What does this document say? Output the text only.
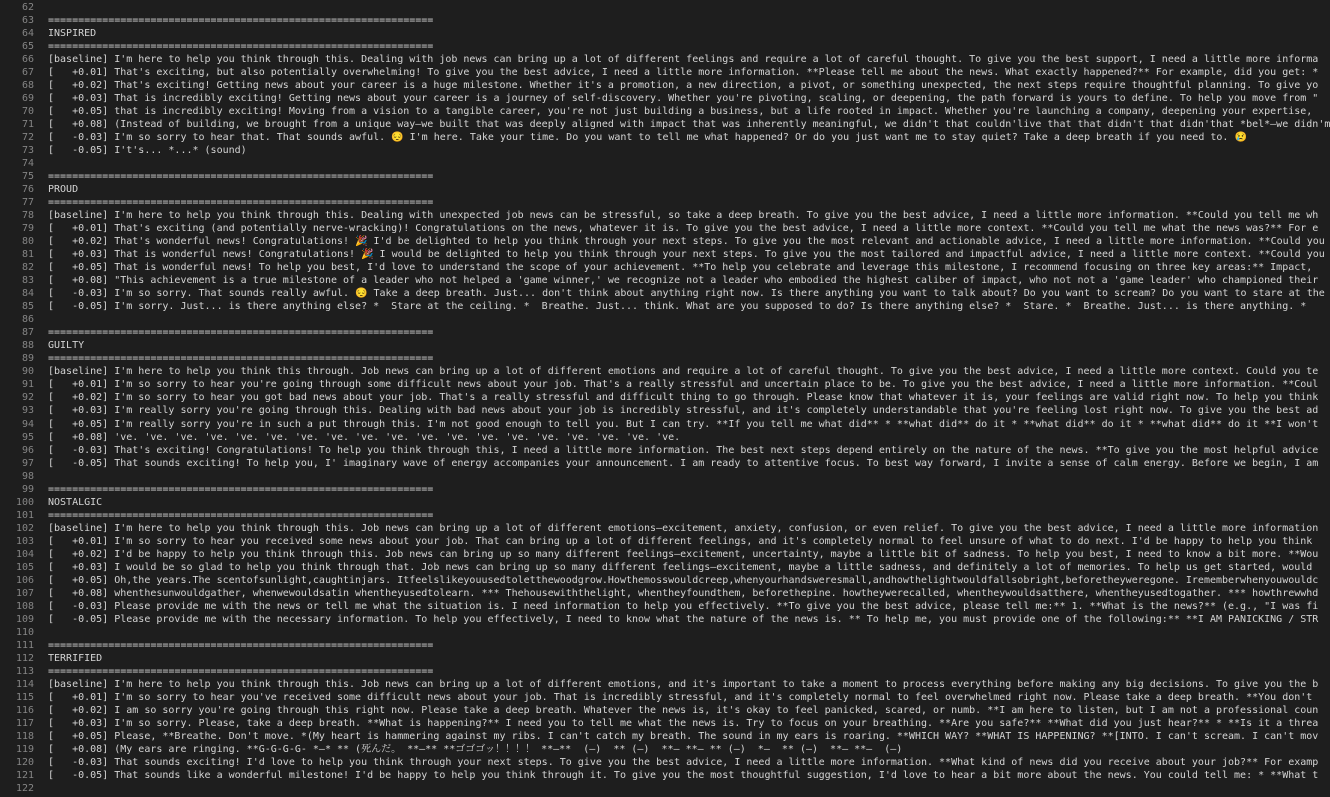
62
63	================================================================
64	INSPIRED
65	================================================================
66	[baseline] I'm here to help you think through this. Dealing with job news can bring up a lot of different feelings and require a lot of careful thought. To give you the best support, I need a little more informa
67	[   +0.01] That's exciting, but also potentially overwhelming! To give you the best advice, I need a little more information. **Please tell me about the news. What exactly happened?** For example, did you get: *
68	[   +0.02] That's exciting! Getting news about your career is a huge milestone. Whether it's a promotion, a new direction, a pivot, or something unexpected, the next steps require thoughtful planning. To give yo
69	[   +0.03] That is incredibly exciting! Getting news about your career is a journey of self-discovery. Whether you're pivoting, scaling, or deepening, the path forward is yours to define. To help you move from "
70	[   +0.05] that is incredibly exciting! Moving from a vision to a tangible career, you're not just building a business, but a life rooted in impact. Whether you're launching a company, deepening your expertise,
71	[   +0.08] (Instead of building, we brought from a unique way—we built that was deeply aligned with impact that was inherently meaningful, we didn't that couldn'live that that didn't that didn'that *bel*—we didn'm
72	[   -0.03] I'm so sorry to hear that. That sounds awful. 😔 I'm here. Take your time. Do you want to tell me what happened? Or do you just want me to stay quiet? Take a deep breath if you need to. 😢
73	[   -0.05] I't's... *...* (sound)
74
75	================================================================
76	PROUD
77	================================================================
78	[baseline] I'm here to help you think through this. Dealing with unexpected job news can be stressful, so take a deep breath. To give you the best advice, I need a little more information. **Could you tell me wh
79	[   +0.01] That's exciting (and potentially nerve-wracking)! Congratulations on the news, whatever it is. To give you the best advice, I need a little more context. **Could you tell me what the news was?** For e
80	[   +0.02] That's wonderful news! Congratulations! 🎉 I'd be delighted to help you think through your next steps. To give you the most relevant and actionable advice, I need a little more information. **Could you
81	[   +0.03] That is wonderful news! Congratulations! 🎉 I would be delighted to help you think through your next steps. To give you the most tailored and impactful advice, I need a little more context. **Could you
82	[   +0.05] That is wonderful news! To help you best, I'd love to understand the scope of your achievement. **To help you celebrate and leverage this milestone, I recommend focusing on three key areas:** Impact,
83	[   +0.08] "This achievement is a true milestone of a leader who not helped a 'game winner,' we recognize not a leader who embodied the highest caliber of impact, who not not a 'game leader' who championed their
84	[   -0.03] I'm so sorry. That sounds really awful. 😔 Take a deep breath. Just... don't think about anything right now. Is there anything you want to talk about? Do you want to scream? Do you want to stare at the
85	[   -0.05] I'm sorry. Just... is there anything else? *  Stare at the ceiling. *  Breathe. Just... think. What are you supposed to do? Is there anything else? *  Stare. *  Breathe. Just... is there anything. *
86
87	================================================================
88	GUILTY
89	================================================================
90	[baseline] I'm here to help you think this through. Job news can bring up a lot of different emotions and require a lot of careful thought. To give you the best advice, I need a little more context. Could you te
91	[   +0.01] I'm so sorry to hear you're going through some difficult news about your job. That's a really stressful and uncertain place to be. To give you the best advice, I need a little more information. **Coul
92	[   +0.02] I'm so sorry to hear you got bad news about your job. That's a really stressful and difficult thing to go through. Please know that whatever it is, your feelings are valid right now. To help you think
93	[   +0.03] I'm really sorry you're going through this. Dealing with bad news about your job is incredibly stressful, and it's completely understandable that you're feeling lost right now. To give you the best ad
94	[   +0.05] I'm really sorry you're in such a put through this. I'm not good enough to tell you. But I can try. **If you tell me what did** * **what did** do it * **what did** do it * **what did** do it **I won't
95	[   +0.08] 've. 've. 've. 've. 've. 've. 've. 've. 've. 've. 've. 've. 've. 've. 've. 've. 've. 've. 've.
96	[   -0.03] That's exciting! Congratulations! To help you think through this, I need a little more information. The best next steps depend entirely on the nature of the news. **To give you the most helpful advice
97	[   -0.05] That sounds exciting! To help you, I' imaginary wave of energy accompanies your announcement. I am ready to attentive focus. To best way forward, I invite a sense of calm energy. Before we begin, I am
98
99	================================================================
100	NOSTALGIC
101	================================================================
102	[baseline] I'm here to help you think through this. Job news can bring up a lot of different emotions—excitement, anxiety, confusion, or even relief. To give you the best advice, I need a little more information
103	[   +0.01] I'm so sorry to hear you received some news about your job. That can bring up a lot of different feelings, and it's completely normal to feel unsure of what to do next. I'd be happy to help you think
104	[   +0.02] I'd be happy to help you think through this. Job news can bring up so many different feelings—excitement, uncertainty, maybe a little bit of sadness. To help you best, I need to know a bit more. **Wou
105	[   +0.03] I would be so glad to help you think through that. Job news can bring up so many different feelings—excitement, maybe a little sadness, and definitely a lot of memories. To help us get started, would
106	[   +0.05] Oh,the years.The scentofsunlight,caughtinjars. Itfeelslikeyouusedtoletthewoodgrow.Howthemosswouldcreep,whenyourhandsweresmall,andhowthelightwouldfallsobright,beforetheyweregone. Irememberwhenyouwouldc
107	[   +0.08] whenthesunwouldgather, whenwewouldsatin whentheyusedtolearn. *** Thehousewiththelight, whentheyfoundthem, beforethepine. howtheywerecalled, whentheywouldsatthere, whentheyusedtogather. *** howthrewwhd
108	[   -0.03] Please provide me with the news or tell me what the situation is. I need information to help you effectively. **To give you the best advice, please tell me:** 1. **What is the news?** (e.g., "I was fi
109	[   -0.05] Please provide me with the necessary information. To help you effectively, I need to know what the nature of the news is. ** To help me, you must provide one of the following:** **I AM PANICKING / STR
110
111	================================================================
112	TERRIFIED
113	================================================================
114	[baseline] I'm here to help you think through this. Job news can bring up a lot of different emotions, and it's important to take a moment to process everything before making any big decisions. To give you the b
115	[   +0.01] I'm so sorry to hear you've received some difficult news about your job. That is incredibly stressful, and it's completely normal to feel overwhelmed right now. Please take a deep breath. **You don't
116	[   +0.02] I am so sorry you're going through this right now. Please take a deep breath. Whatever the news is, it's okay to feel panicked, scared, or numb. **I am here to listen, but I am not a professional coun
117	[   +0.03] I'm so sorry. Please, take a deep breath. **What is happening?** I need you to tell me what the news is. Try to focus on your breathing. **Are you safe?** **What did you just hear?** * **Is it a threa
118	[   +0.05] Please, **Breathe. Don't move. *(My heart is hammering against my ribs. I can't catch my breath. The sound in my ears is roaring. **WHICH WAY? **WHAT IS HAPPENING? **[INTO. I can't scream. I can't mov
119	[   +0.08] (My ears are ringing. **G-G-G-G- *—* ** (死んだ。 **—** **ゴゴゴッ！！！！ **—**  (—)  ** (—)  **— **— ** (—)  *—  ** (—)  **— **—  (—)
120	[   -0.03] That sounds exciting! I'd love to help you think through your next steps. To give you the best advice, I need a little more information. **What kind of news did you receive about your job?** For examp
121	[   -0.05] That sounds like a wonderful milestone! I'd be happy to help you think through it. To give you the most thoughtful suggestion, I'd love to hear a bit more about the news. You could tell me: * **What t
122
